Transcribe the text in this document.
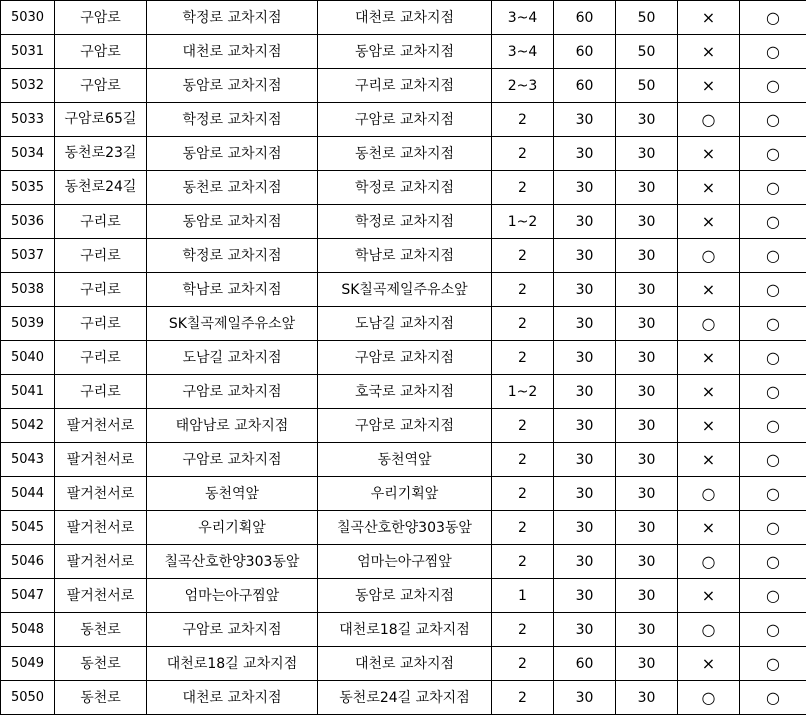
5030	구암로	학정로 교차지점	대천로 교차지점	3~4	60	50	×	○
5031	구암로	대천로 교차지점	동암로 교차지점	3~4	60	50	×	○
5032	구암로	동암로 교차지점	구리로 교차지점	2~3	60	50	×	○
5033	구암로65길	학정로 교차지점	구암로 교차지점	2	30	30	○	○
5034	동천로23길	동암로 교차지점	동천로 교차지점	2	30	30	×	○
5035	동천로24길	동천로 교차지점	학정로 교차지점	2	30	30	×	○
5036	구리로	동암로 교차지점	학정로 교차지점	1~2	30	30	×	○
5037	구리로	학정로 교차지점	학남로 교차지점	2	30	30	○	○
5038	구리로	학남로 교차지점	SK칠곡제일주유소앞	2	30	30	×	○
5039	구리로	SK칠곡제일주유소앞	도남길 교차지점	2	30	30	○	○
5040	구리로	도남길 교차지점	구암로 교차지점	2	30	30	×	○
5041	구리로	구암로 교차지점	호국로 교차지점	1~2	30	30	×	○
5042	팔거천서로	태암남로 교차지점	구암로 교차지점	2	30	30	×	○
5043	팔거천서로	구암로 교차지점	동천역앞	2	30	30	×	○
5044	팔거천서로	동천역앞	우리기획앞	2	30	30	○	○
5045	팔거천서로	우리기획앞	칠곡산호한양303동앞	2	30	30	×	○
5046	팔거천서로	칠곡산호한양303동앞	엄마는아구찜앞	2	30	30	○	○
5047	팔거천서로	엄마는아구찜앞	동암로 교차지점	1	30	30	×	○
5048	동천로	구암로 교차지점	대천로18길 교차지점	2	30	30	○	○
5049	동천로	대천로18길 교차지점	대천로 교차지점	2	60	30	×	○
5050	동천로	대천로 교차지점	동천로24길 교차지점	2	30	30	○	○
